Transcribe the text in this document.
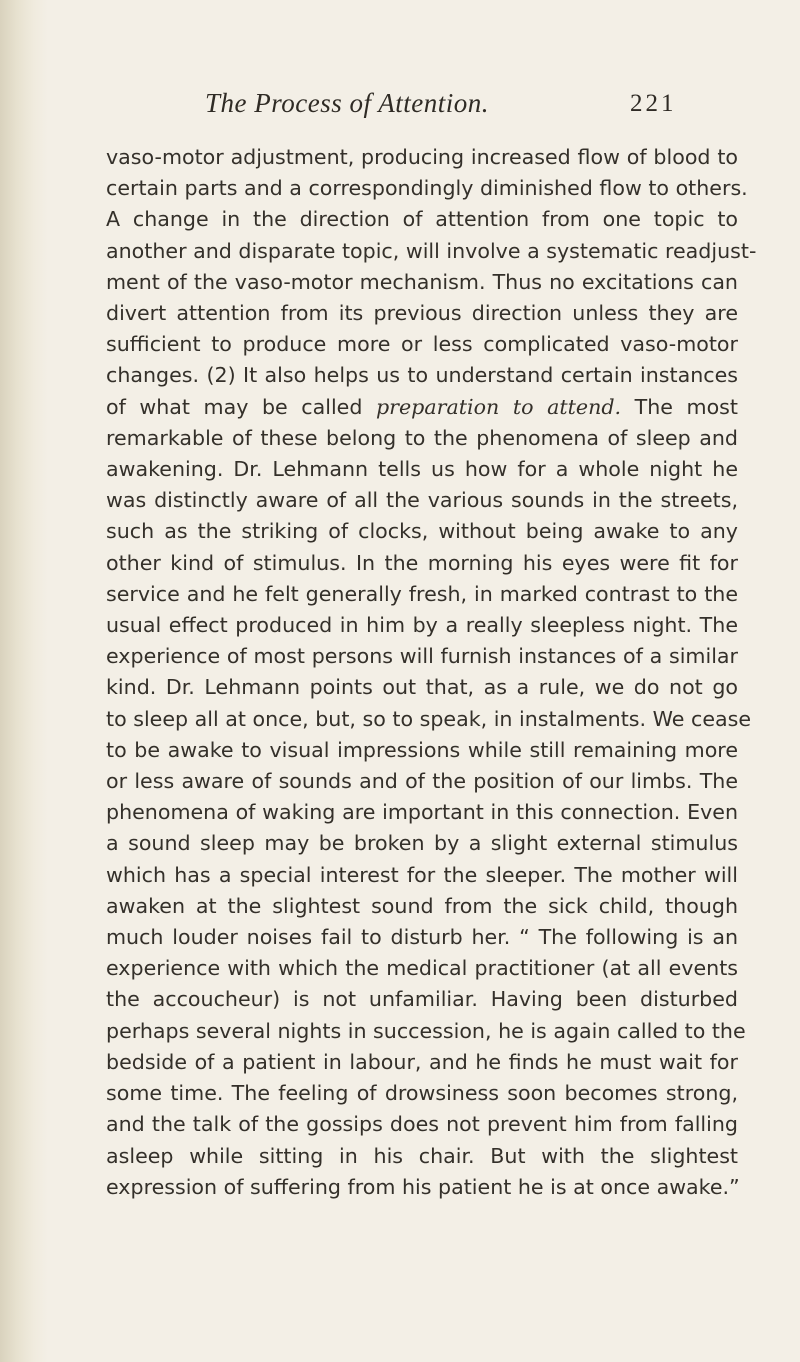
The Process of Attention.	221
vaso-motor adjustment, producing increased flow of blood to
certain parts and a correspondingly diminished flow to others.
A change in the direction of attention from one topic to
another and disparate topic, will involve a systematic readjust-
ment of the vaso-motor mechanism. Thus no excitations can
divert attention from its previous direction unless they are
sufficient to produce more or less complicated vaso-motor
changes. (2) It also helps us to understand certain instances
of what may be called preparation to attend. The most
remarkable of these belong to the phenomena of sleep and
awakening. Dr. Lehmann tells us how for a whole night he
was distinctly aware of all the various sounds in the streets,
such as the striking of clocks, without being awake to any
other kind of stimulus. In the morning his eyes were fit for
service and he felt generally fresh, in marked contrast to the
usual effect produced in him by a really sleepless night. The
experience of most persons will furnish instances of a similar
kind. Dr. Lehmann points out that, as a rule, we do not go
to sleep all at once, but, so to speak, in instalments. We cease
to be awake to visual impressions while still remaining more
or less aware of sounds and of the position of our limbs. The
phenomena of waking are important in this connection. Even
a sound sleep may be broken by a slight external stimulus
which has a special interest for the sleeper. The mother will
awaken at the slightest sound from the sick child, though
much louder noises fail to disturb her. “ The following is an
experience with which the medical practitioner (at all events
the accoucheur) is not unfamiliar. Having been disturbed
perhaps several nights in succession, he is again called to the
bedside of a patient in labour, and he finds he must wait for
some time. The feeling of drowsiness soon becomes strong,
and the talk of the gossips does not prevent him from falling
asleep while sitting in his chair. But with the slightest
expression of suffering from his patient he is at once awake.”
